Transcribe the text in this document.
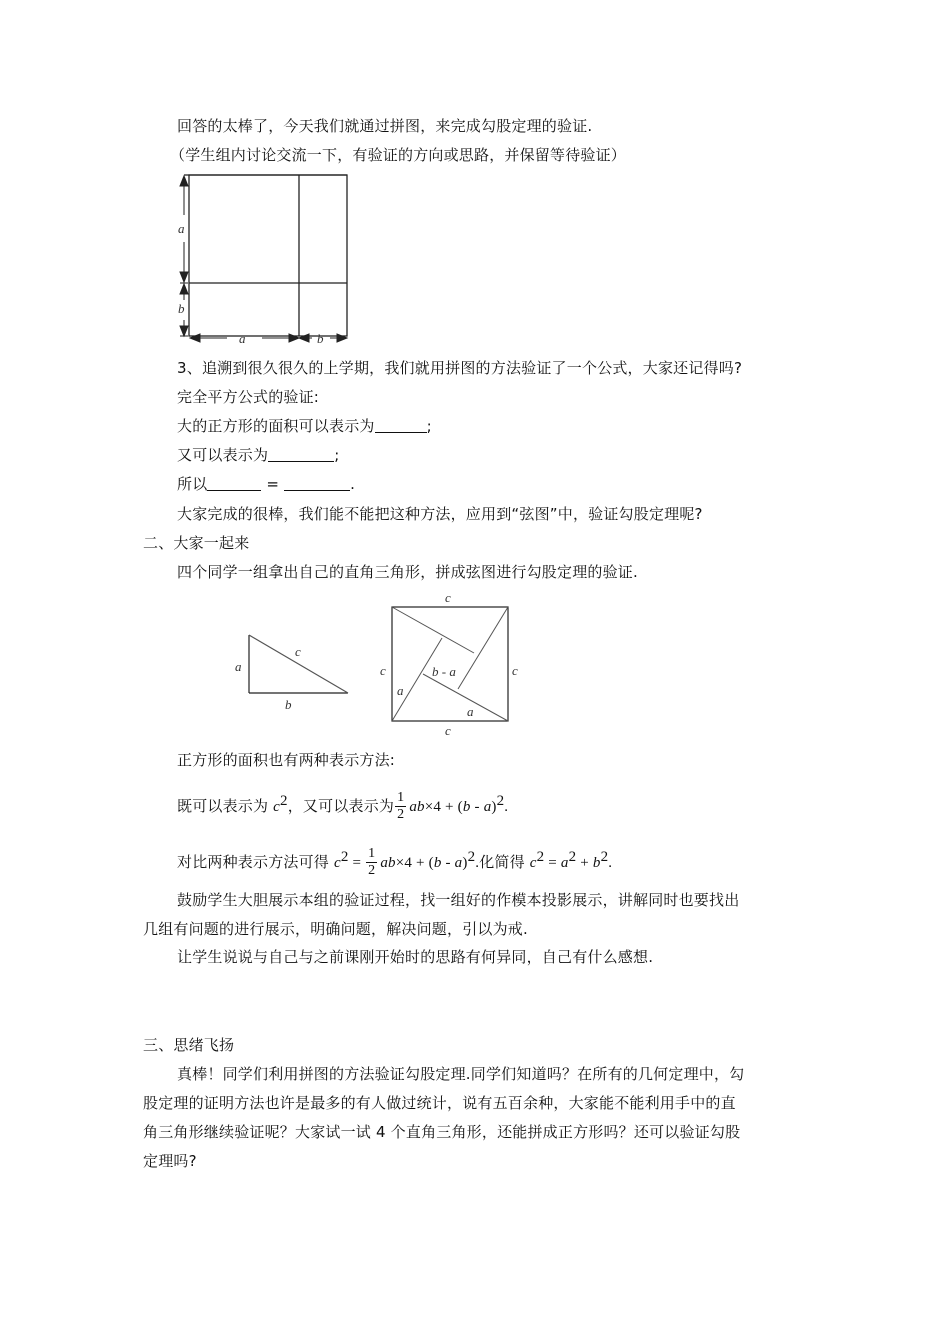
回答的太棒了，今天我们就通过拼图，来完成勾股定理的验证.
（学生组内讨论交流一下，有验证的方向或思路，并保留等待验证）
a
b
a	b
3、追溯到很久很久的上学期，我们就用拼图的方法验证了一个公式，大家还记得吗?
完全平方公式的验证:
大的正方形的面积可以表示为	;
又可以表示为	;
所以	=	.
大家完成的很棒，我们能不能把这种方法，应用到“弦图”中，验证勾股定理呢?
二、大家一起来
四个同学一组拿出自己的直角三角形，拼成弦图进行勾股定理的验证.
a
b
c
c
c
c	c
b - a
a
a
正方形的面积也有两种表示方法:
既可以表示为 $c^2$，又可以表示为 $\frac{1}{2} ab\times 4 + (b - a)^2$.
对比两种表示方法可得 $c^2 = \frac{1}{2} ab\times 4 + (b - a)^2$.化简得 $c^2 = a^2 + b^2$.
鼓励学生大胆展示本组的验证过程，找一组好的作模本投影展示，讲解同时也要找出
几组有问题的进行展示，明确问题，解决问题，引以为戒.
让学生说说与自己与之前课刚开始时的思路有何异同，自己有什么感想.
三、思绪飞扬
真棒！同学们利用拼图的方法验证勾股定理.同学们知道吗？在所有的几何定理中，勾
股定理的证明方法也许是最多的有人做过统计，说有五百余种，大家能不能利用手中的直
角三角形继续验证呢？大家试一试 4 个直角三角形，还能拼成正方形吗？还可以验证勾股
定理吗?
